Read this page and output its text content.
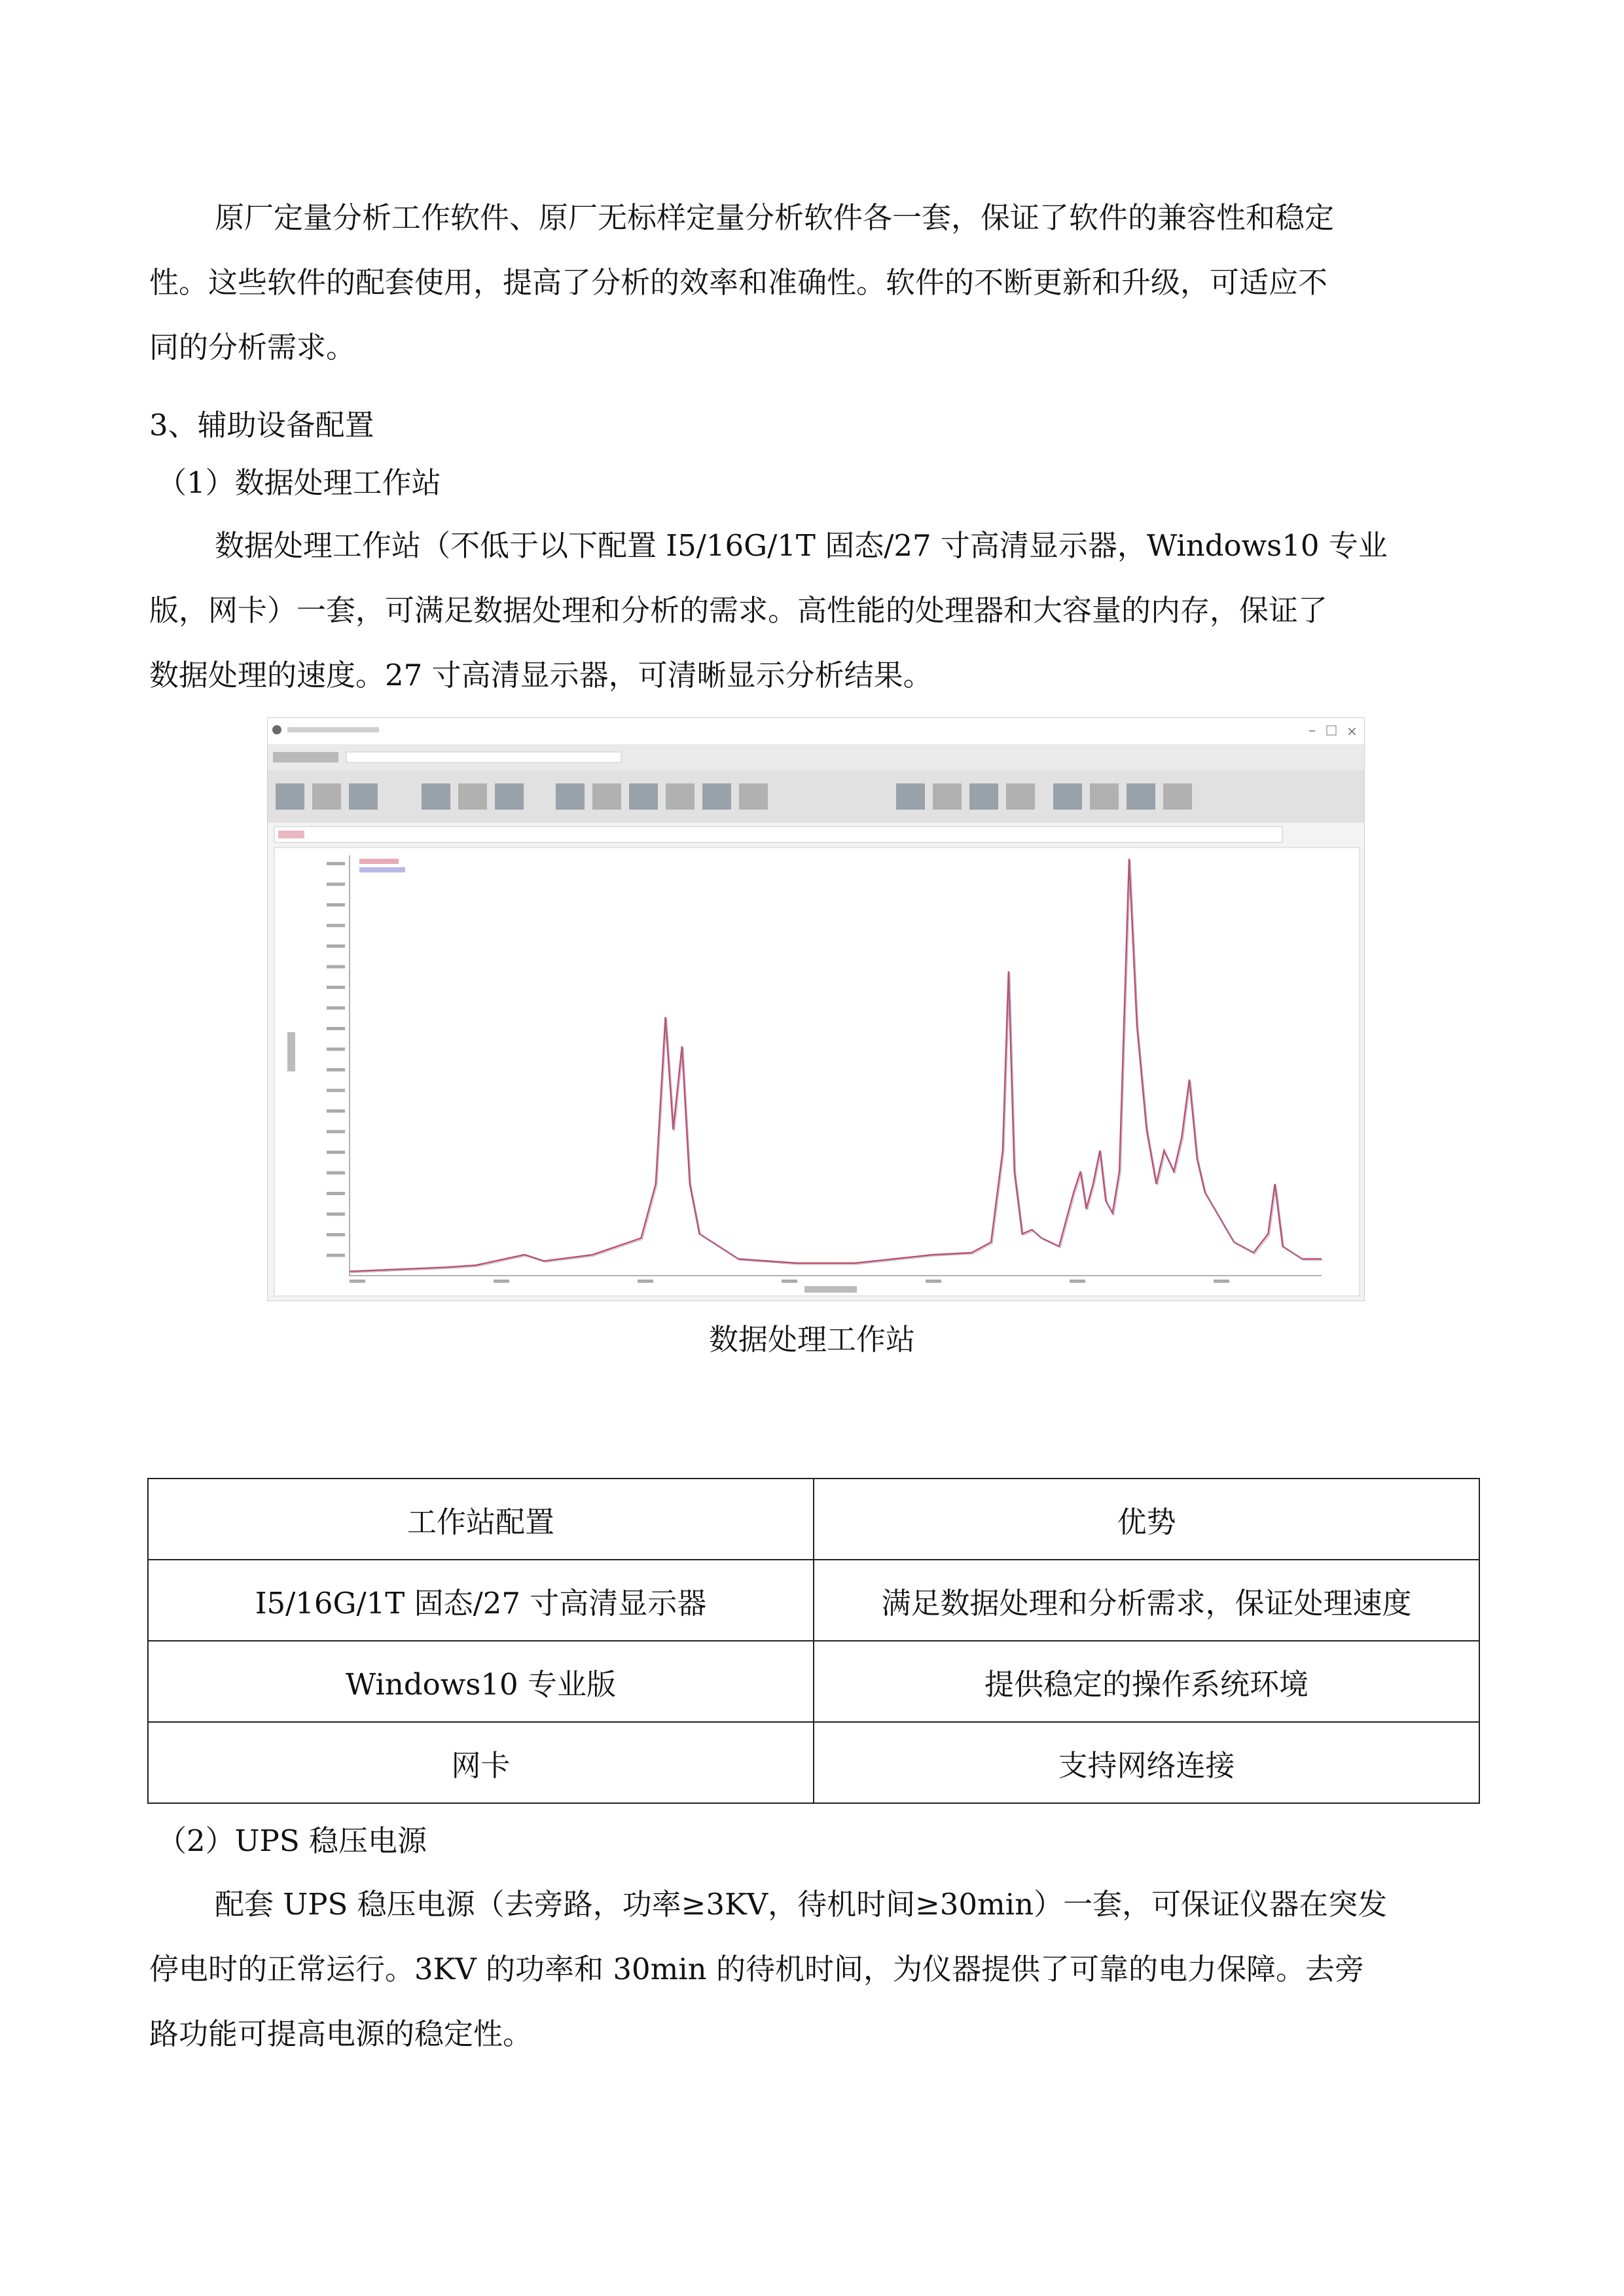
原厂定量分析工作软件、原厂无标样定量分析软件各一套，保证了软件的兼容性和稳定
性。这些软件的配套使用，提高了分析的效率和准确性。软件的不断更新和升级，可适应不
同的分析需求。
3、辅助设备配置
（1）数据处理工作站
数据处理工作站（不低于以下配置 I5/16G/1T 固态/27 寸高清显示器，Windows10 专业
版，网卡）一套，可满足数据处理和分析的需求。高性能的处理器和大容量的内存，保证了
数据处理的速度。27 寸高清显示器，可清晰显示分析结果。
– ×
数据处理工作站
工作站配置	优势
I5/16G/1T 固态/27 寸高清显示器	满足数据处理和分析需求，保证处理速度
Windows10 专业版	提供稳定的操作系统环境
网卡	支持网络连接
（2）UPS 稳压电源
配套 UPS 稳压电源（去旁路，功率≥3KV，待机时间≥30min）一套，可保证仪器在突发
停电时的正常运行。3KV 的功率和 30min 的待机时间，为仪器提供了可靠的电力保障。去旁
路功能可提高电源的稳定性。
